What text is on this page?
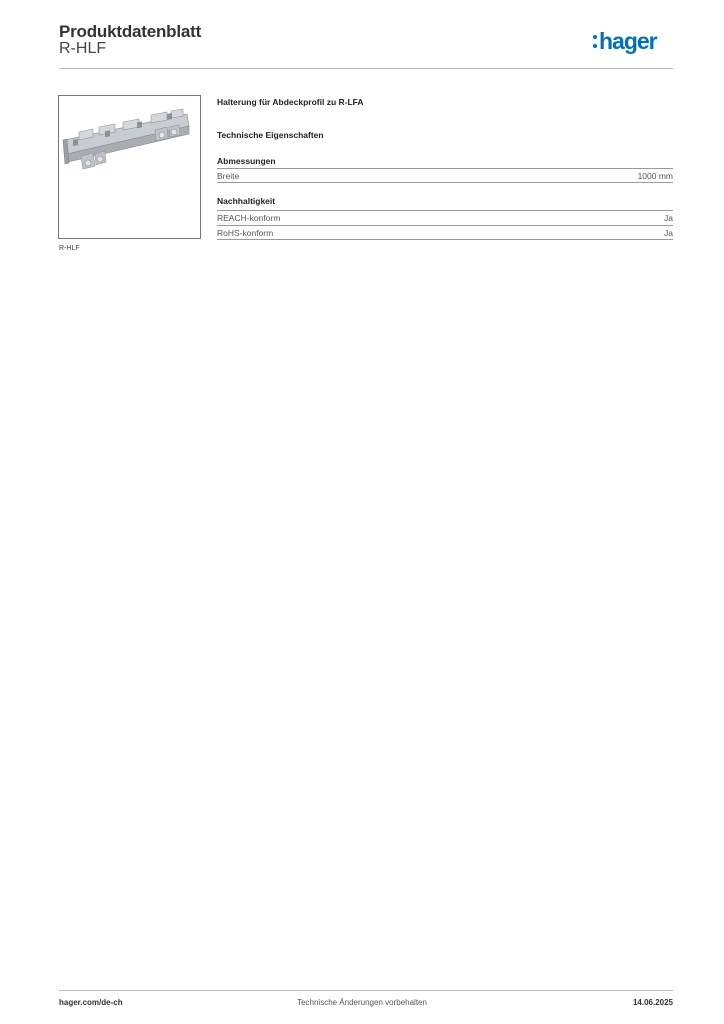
Produktdatenblatt
R-HLF	hager
R-HLF
Halterung für Abdeckprofil zu R-LFA
Technische Eigenschaften
Abmessungen
Breite	1000 mm
Nachhaltigkeit
REACH-konform	Ja
RoHS-konform	Ja
hager.com/de-ch	Technische Änderungen vorbehalten	14.06.2025
